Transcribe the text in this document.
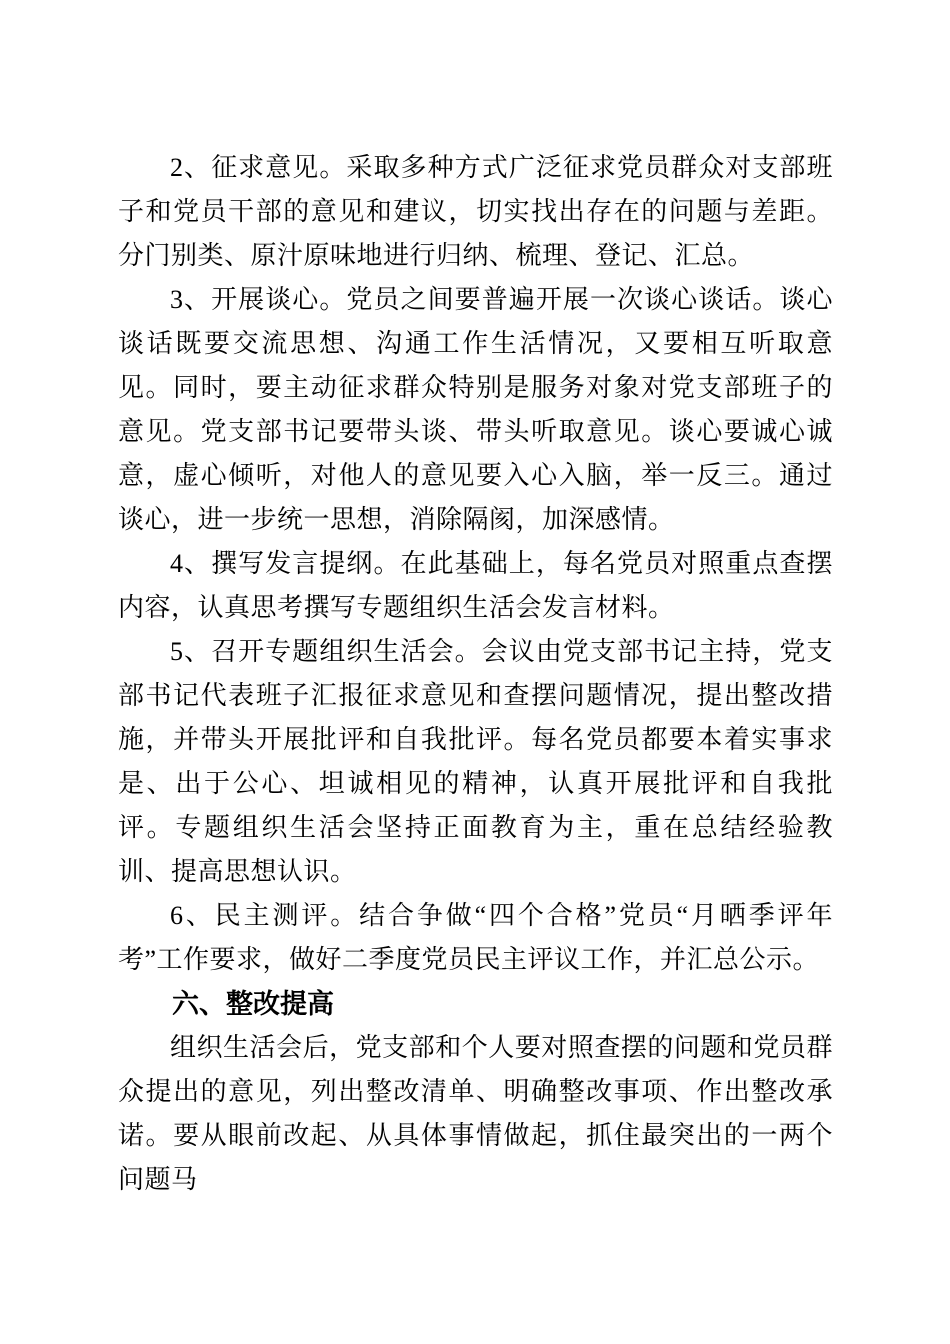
2、征求意见。采取多种方式广泛征求党员群众对支部班子和党员干部的意见和建议，切实找出存在的问题与差距。分门别类、原汁原味地进行归纳、梳理、登记、汇总。

3、开展谈心。党员之间要普遍开展一次谈心谈话。谈心谈话既要交流思想、沟通工作生活情况，又要相互听取意见。同时，要主动征求群众特别是服务对象对党支部班子的意见。党支部书记要带头谈、带头听取意见。谈心要诚心诚意，虚心倾听，对他人的意见要入心入脑，举一反三。通过谈心，进一步统一思想，消除隔阂，加深感情。

4、撰写发言提纲。在此基础上，每名党员对照重点查摆内容，认真思考撰写专题组织生活会发言材料。

5、召开专题组织生活会。会议由党支部书记主持，党支部书记代表班子汇报征求意见和查摆问题情况，提出整改措施，并带头开展批评和自我批评。每名党员都要本着实事求是、出于公心、坦诚相见的精神，认真开展批评和自我批评。专题组织生活会坚持正面教育为主，重在总结经验教训、提高思想认识。

6、民主测评。结合争做“四个合格”党员“月晒季评年考”工作要求，做好二季度党员民主评议工作，并汇总公示。

六、整改提高

组织生活会后，党支部和个人要对照查摆的问题和党员群众提出的意见，列出整改清单、明确整改事项、作出整改承诺。要从眼前改起、从具体事情做起，抓住最突出的一两个问题马
